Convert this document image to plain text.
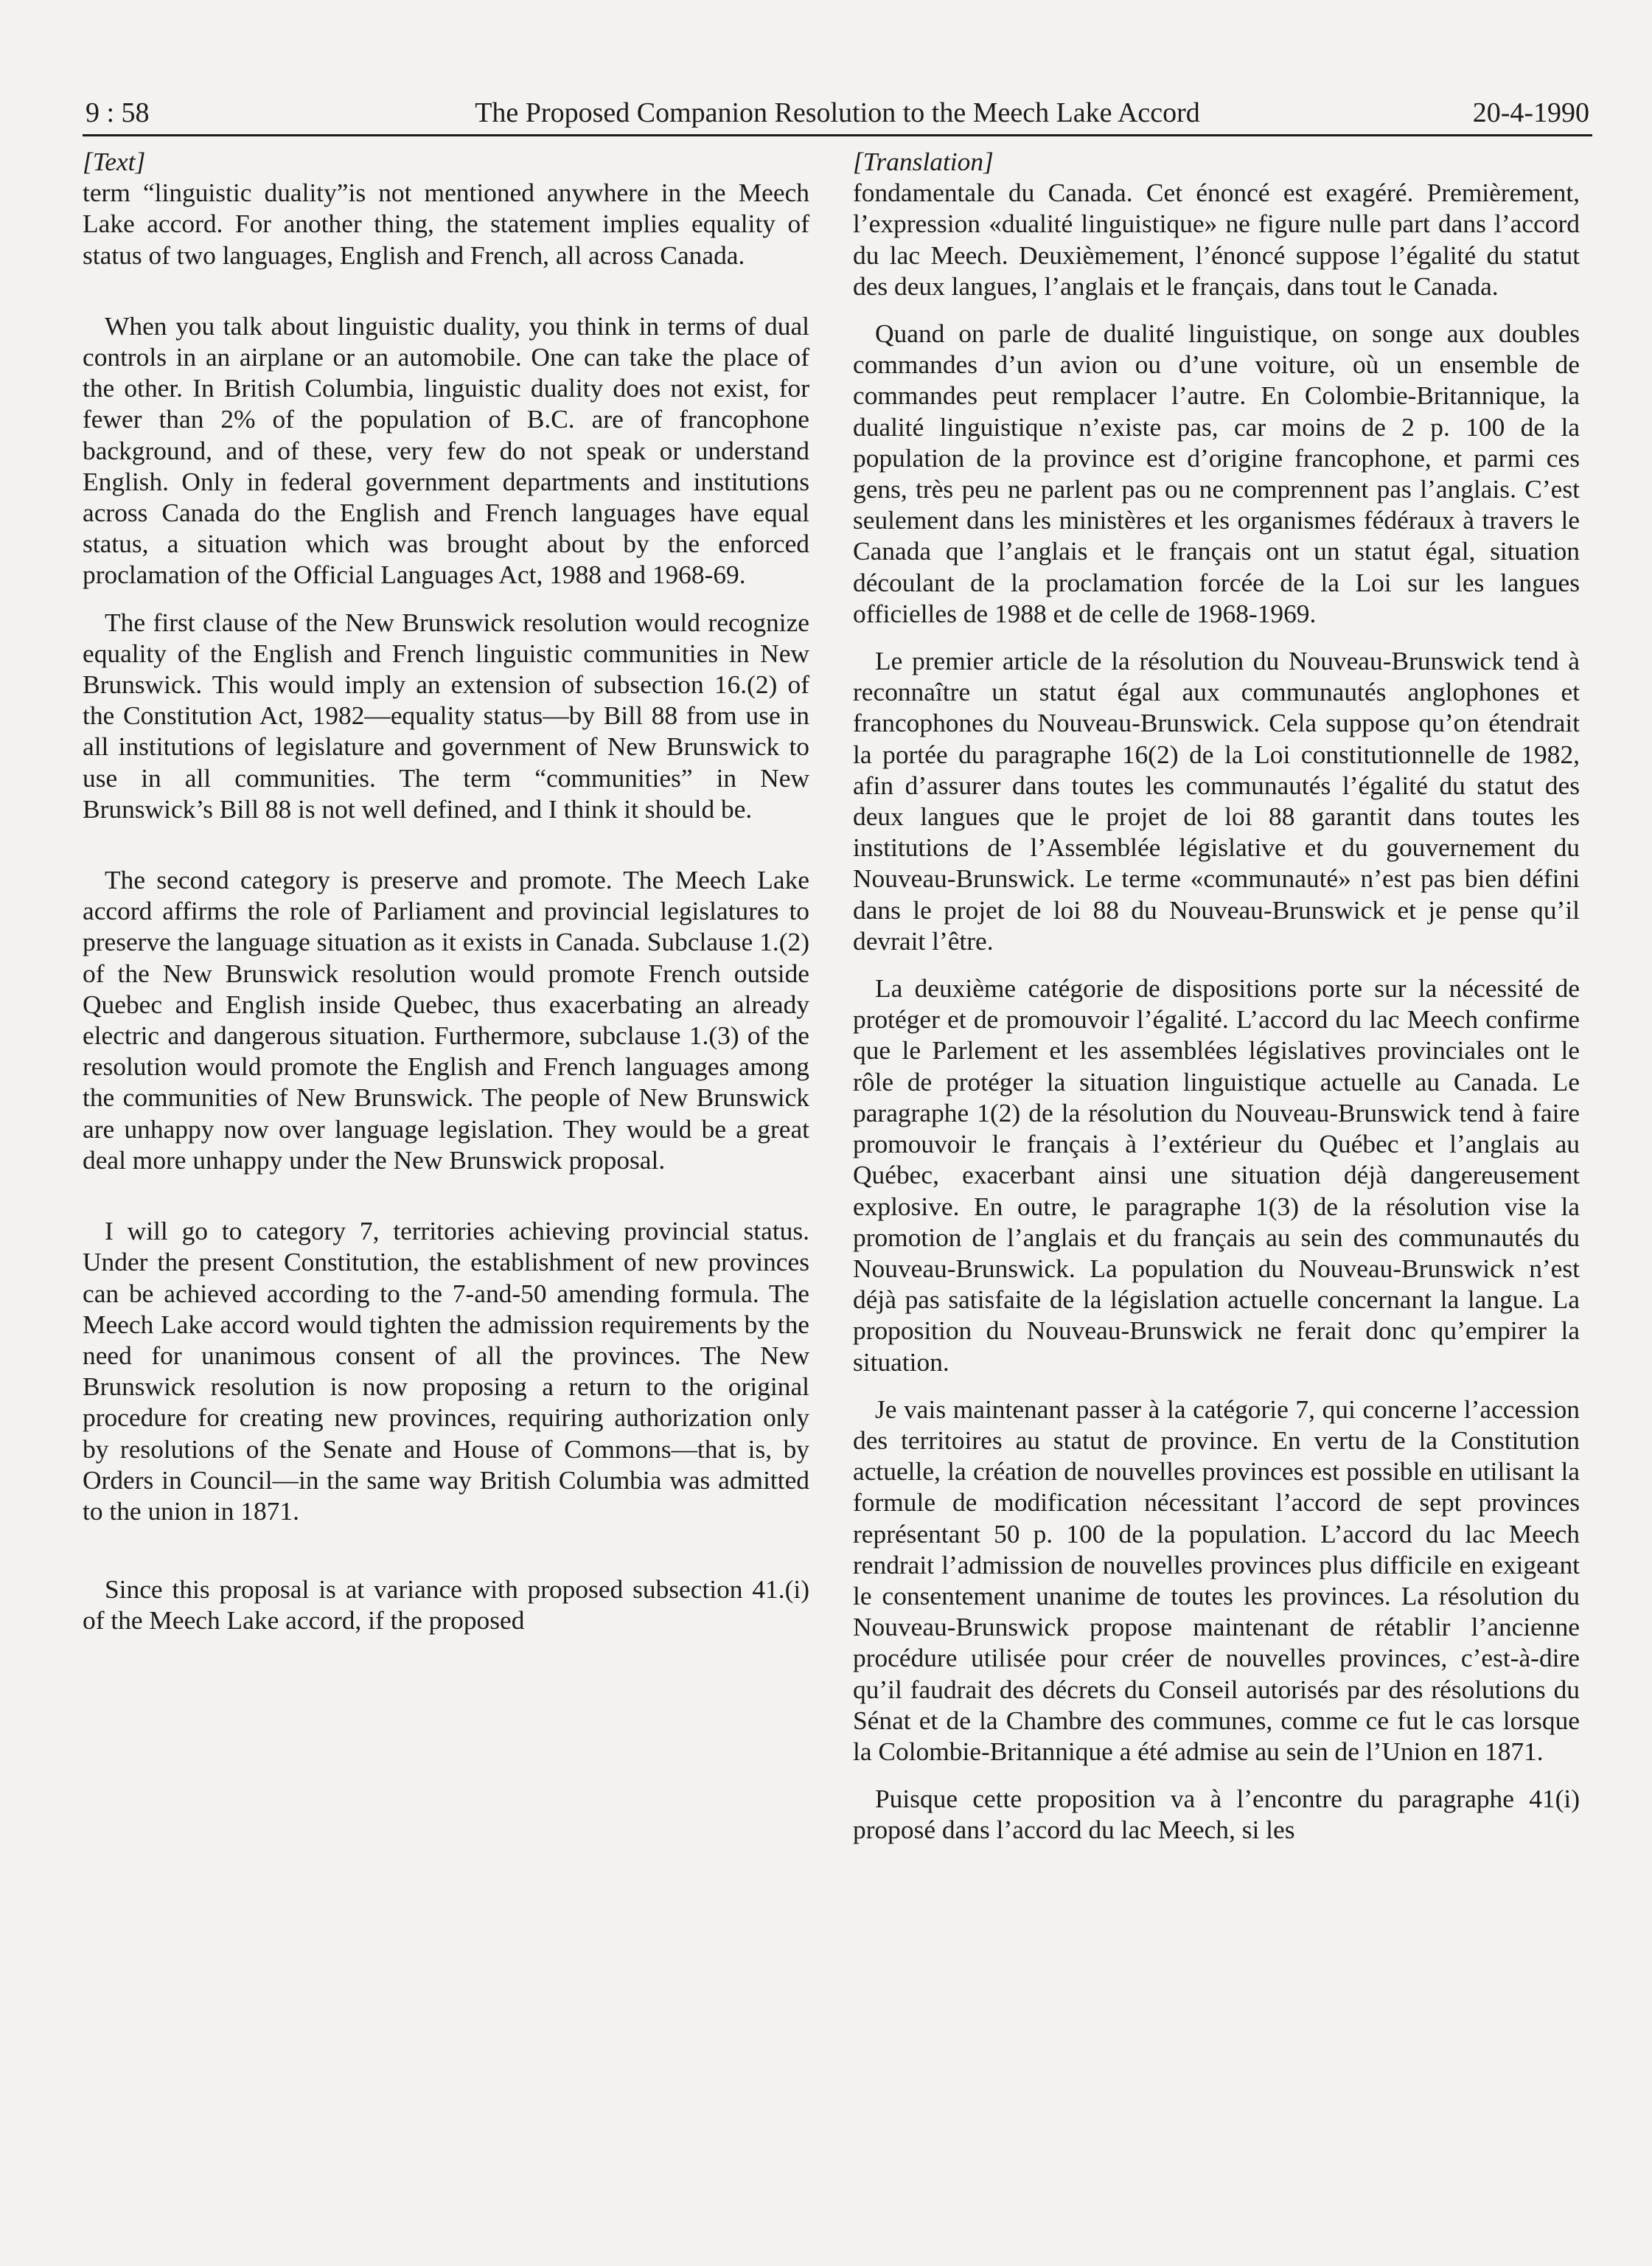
The Proposed Companion Resolution to the Meech Lake Accord
9 : 58	20-4-1990

[Text]

term “linguistic duality”is not mentioned anywhere in the Meech Lake accord. For another thing, the statement implies equality of status of two languages, English and French, all across Canada.

When you talk about linguistic duality, you think in terms of dual controls in an airplane or an automobile. One can take the place of the other. In British Columbia, linguistic duality does not exist, for fewer than 2% of the population of B.C. are of francophone background, and of these, very few do not speak or understand English. Only in federal government departments and institutions across Canada do the English and French languages have equal status, a situation which was brought about by the enforced proclamation of the Official Languages Act, 1988 and 1968-69.

The first clause of the New Brunswick resolution would recognize equality of the English and French linguistic communities in New Brunswick. This would imply an extension of subsection 16.(2) of the Constitution Act, 1982—equality status—by Bill 88 from use in all institutions of legislature and government of New Brunswick to use in all communities. The term “communities” in New Brunswick’s Bill 88 is not well defined, and I think it should be.

The second category is preserve and promote. The Meech Lake accord affirms the role of Parliament and provincial legislatures to preserve the language situation as it exists in Canada. Subclause 1.(2) of the New Brunswick resolution would promote French outside Quebec and English inside Quebec, thus exacerbating an already electric and dangerous situation. Furthermore, subclause 1.(3) of the resolution would promote the English and French languages among the communities of New Brunswick. The people of New Brunswick are unhappy now over language legislation. They would be a great deal more unhappy under the New Brunswick proposal.

I will go to category 7, territories achieving provincial status. Under the present Constitution, the establishment of new provinces can be achieved according to the 7-and-50 amending formula. The Meech Lake accord would tighten the admission requirements by the need for unanimous consent of all the provinces. The New Brunswick resolution is now proposing a return to the original procedure for creating new provinces, requiring authorization only by resolutions of the Senate and House of Commons—that is, by Orders in Council—in the same way British Columbia was admitted to the union in 1871.

Since this proposal is at variance with proposed subsection 41.(i) of the Meech Lake accord, if the proposed

[Translation]

fondamentale du Canada. Cet énoncé est exagéré. Premièrement, l’expression «dualité linguistique» ne figure nulle part dans l’accord du lac Meech. Deuxièmement, l’énoncé suppose l’égalité du statut des deux langues, l’anglais et le français, dans tout le Canada.

Quand on parle de dualité linguistique, on songe aux doubles commandes d’un avion ou d’une voiture, où un ensemble de commandes peut remplacer l’autre. En Colombie-Britannique, la dualité linguistique n’existe pas, car moins de 2 p. 100 de la population de la province est d’origine francophone, et parmi ces gens, très peu ne parlent pas ou ne comprennent pas l’anglais. C’est seulement dans les ministères et les organismes fédéraux à travers le Canada que l’anglais et le français ont un statut égal, situation découlant de la proclamation forcée de la Loi sur les langues officielles de 1988 et de celle de 1968-1969.

Le premier article de la résolution du Nouveau-Brunswick tend à reconnaître un statut égal aux communautés anglophones et francophones du Nouveau-Brunswick. Cela suppose qu’on étendrait la portée du paragraphe 16(2) de la Loi constitutionnelle de 1982, afin d’assurer dans toutes les communautés l’égalité du statut des deux langues que le projet de loi 88 garantit dans toutes les institutions de l’Assemblée législative et du gouvernement du Nouveau-Brunswick. Le terme «communauté» n’est pas bien défini dans le projet de loi 88 du Nouveau-Brunswick et je pense qu’il devrait l’être.

La deuxième catégorie de dispositions porte sur la nécessité de protéger et de promouvoir l’égalité. L’accord du lac Meech confirme que le Parlement et les assemblées législatives provinciales ont le rôle de protéger la situation linguistique actuelle au Canada. Le paragraphe 1(2) de la résolution du Nouveau-Brunswick tend à faire promouvoir le français à l’extérieur du Québec et l’anglais au Québec, exacerbant ainsi une situation déjà dangereusement explosive. En outre, le paragraphe 1(3) de la résolution vise la promotion de l’anglais et du français au sein des communautés du Nouveau-Brunswick. La population du Nouveau-Brunswick n’est déjà pas satisfaite de la législation actuelle concernant la langue. La proposition du Nouveau-Brunswick ne ferait donc qu’empirer la situation.

Je vais maintenant passer à la catégorie 7, qui concerne l’accession des territoires au statut de province. En vertu de la Constitution actuelle, la création de nouvelles provinces est possible en utilisant la formule de modification nécessitant l’accord de sept provinces représentant 50 p. 100 de la population. L’accord du lac Meech rendrait l’admission de nouvelles provinces plus difficile en exigeant le consentement unanime de toutes les provinces. La résolution du Nouveau-Brunswick propose maintenant de rétablir l’ancienne procédure utilisée pour créer de nouvelles provinces, c’est-à-dire qu’il faudrait des décrets du Conseil autorisés par des résolutions du Sénat et de la Chambre des communes, comme ce fut le cas lorsque la Colombie-Britannique a été admise au sein de l’Union en 1871.

Puisque cette proposition va à l’encontre du paragraphe 41(i) proposé dans l’accord du lac Meech, si les
